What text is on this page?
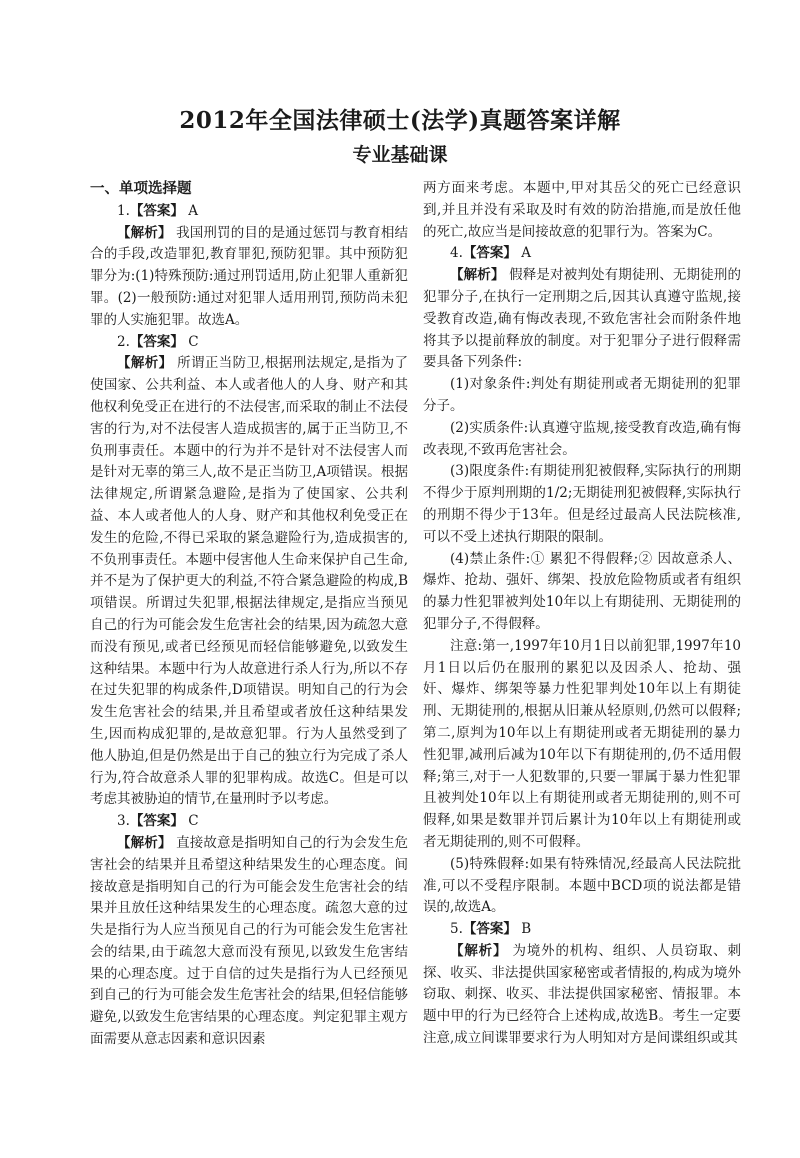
2012年全国法律硕士(法学)真题答案详解
专业基础课
一、单项选择题

1.【答案】 A

【解析】 我国刑罚的目的是通过惩罚与教育相结合的手段,改造罪犯,教育罪犯,预防犯罪。其中预防犯罪分为:(1)特殊预防:通过刑罚适用,防止犯罪人重新犯罪。(2)一般预防:通过对犯罪人适用刑罚,预防尚未犯罪的人实施犯罪。故选A。

2.【答案】 C

【解析】 所谓正当防卫,根据刑法规定,是指为了使国家、公共利益、本人或者他人的人身、财产和其他权利免受正在进行的不法侵害,而采取的制止不法侵害的行为,对不法侵害人造成损害的,属于正当防卫,不负刑事责任。本题中的行为并不是针对不法侵害人而是针对无辜的第三人,故不是正当防卫,A项错误。根据法律规定,所谓紧急避险,是指为了使国家、公共利益、本人或者他人的人身、财产和其他权利免受正在发生的危险,不得已采取的紧急避险行为,造成损害的,不负刑事责任。本题中侵害他人生命来保护自己生命,并不是为了保护更大的利益,不符合紧急避险的构成,B项错误。所谓过失犯罪,根据法律规定,是指应当预见自己的行为可能会发生危害社会的结果,因为疏忽大意而没有预见,或者已经预见而轻信能够避免,以致发生这种结果。本题中行为人故意进行杀人行为,所以不存在过失犯罪的构成条件,D项错误。明知自己的行为会发生危害社会的结果,并且希望或者放任这种结果发生,因而构成犯罪的,是故意犯罪。行为人虽然受到了他人胁迫,但是仍然是出于自己的独立行为完成了杀人行为,符合故意杀人罪的犯罪构成。故选C。但是可以考虑其被胁迫的情节,在量刑时予以考虑。

3.【答案】 C

【解析】 直接故意是指明知自己的行为会发生危害社会的结果并且希望这种结果发生的心理态度。间接故意是指明知自己的行为可能会发生危害社会的结果并且放任这种结果发生的心理态度。疏忽大意的过失是指行为人应当预见自己的行为可能会发生危害社会的结果,由于疏忽大意而没有预见,以致发生危害结果的心理态度。过于自信的过失是指行为人已经预见到自己的行为可能会发生危害社会的结果,但轻信能够避免,以致发生危害结果的心理态度。判定犯罪主观方面需要从意志因素和意识因素

两方面来考虑。本题中,甲对其岳父的死亡已经意识到,并且并没有采取及时有效的防治措施,而是放任他的死亡,故应当是间接故意的犯罪行为。答案为C。

4.【答案】 A

【解析】 假释是对被判处有期徒刑、无期徒刑的犯罪分子,在执行一定刑期之后,因其认真遵守监规,接受教育改造,确有悔改表现,不致危害社会而附条件地将其予以提前释放的制度。对于犯罪分子进行假释需要具备下列条件:

(1)对象条件:判处有期徒刑或者无期徒刑的犯罪分子。

(2)实质条件:认真遵守监规,接受教育改造,确有悔改表现,不致再危害社会。

(3)限度条件:有期徒刑犯被假释,实际执行的刑期不得少于原判刑期的1/2;无期徒刑犯被假释,实际执行的刑期不得少于13年。但是经过最高人民法院核准,可以不受上述执行期限的限制。

(4)禁止条件:① 累犯不得假释;② 因故意杀人、爆炸、抢劫、强奸、绑架、投放危险物质或者有组织的暴力性犯罪被判处10年以上有期徒刑、无期徒刑的犯罪分子,不得假释。

注意:第一,1997年10月1日以前犯罪,1997年10月1日以后仍在服刑的累犯以及因杀人、抢劫、强奸、爆炸、绑架等暴力性犯罪判处10年以上有期徒刑、无期徒刑的,根据从旧兼从轻原则,仍然可以假释;第二,原判为10年以上有期徒刑或者无期徒刑的暴力性犯罪,减刑后减为10年以下有期徒刑的,仍不适用假释;第三,对于一人犯数罪的,只要一罪属于暴力性犯罪且被判处10年以上有期徒刑或者无期徒刑的,则不可假释,如果是数罪并罚后累计为10年以上有期徒刑或者无期徒刑的,则不可假释。

(5)特殊假释:如果有特殊情况,经最高人民法院批准,可以不受程序限制。本题中BCD项的说法都是错误的,故选A。

5.【答案】 B

【解析】 为境外的机构、组织、人员窃取、刺探、收买、非法提供国家秘密或者情报的,构成为境外窃取、刺探、收买、非法提供国家秘密、情报罪。本题中甲的行为已经符合上述构成,故选B。考生一定要注意,成立间谍罪要求行为人明知对方是间谍组织或其
